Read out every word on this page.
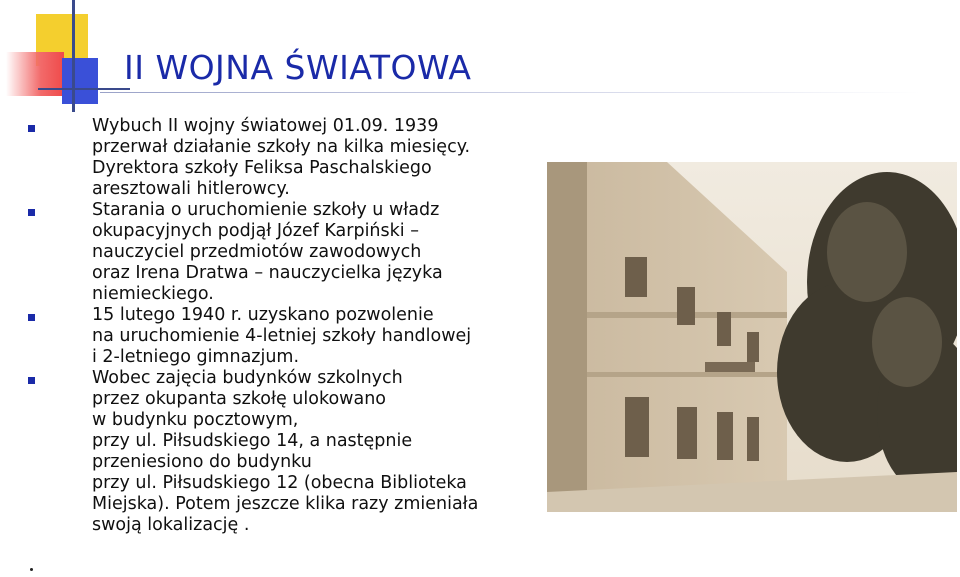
II WOJNA ŚWIATOWA
Wybuch II wojny światowej 01.09. 1939
przerwał działanie szkoły na kilka miesięcy.
Dyrektora szkoły Feliksa Paschalskiego
aresztowali hitlerowcy.
Starania o uruchomienie szkoły u władz
okupacyjnych podjął Józef Karpiński –
nauczyciel przedmiotów zawodowych
oraz Irena Dratwa – nauczycielka języka
niemieckiego.
15 lutego 1940 r. uzyskano pozwolenie
na uruchomienie 4-letniej szkoły handlowej
i 2-letniego gimnazjum.
Wobec zajęcia budynków szkolnych
przez okupanta szkołę ulokowano
w budynku pocztowym,
przy ul. Piłsudskiego 14, a następnie
przeniesiono do budynku
przy ul. Piłsudskiego 12 (obecna Biblioteka
Miejska). Potem jeszcze klika razy zmieniała
swoją lokalizację .
